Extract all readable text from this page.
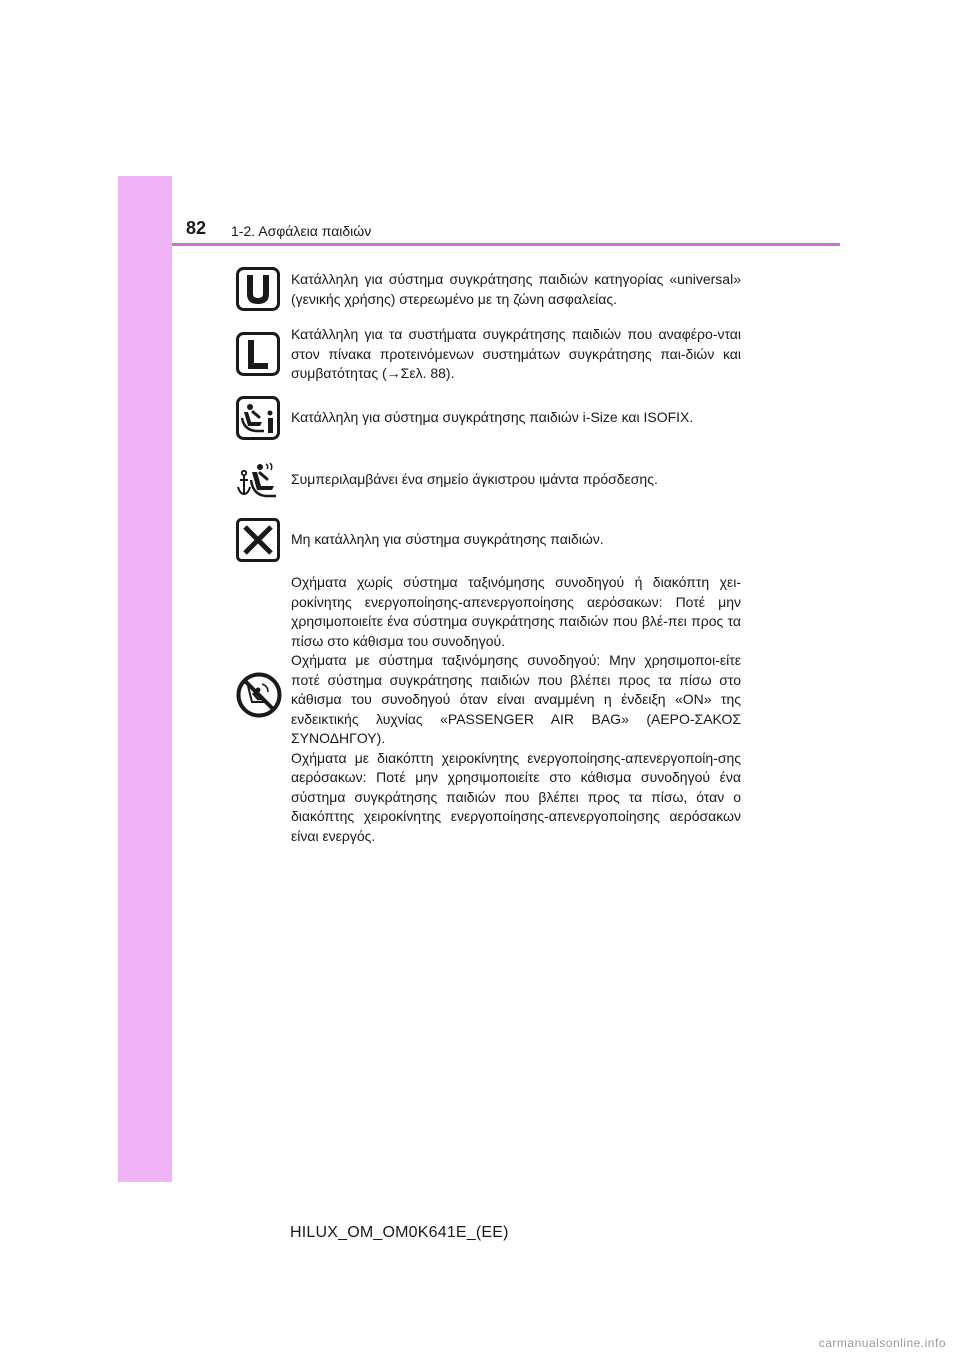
82 1-2. Ασφάλεια παιδιών
Κατάλληλη για σύστημα συγκράτησης παιδιών κατηγορίας «universal» (γενικής χρήσης) στερεωμένο με τη ζώνη ασφαλείας.
Κατάλληλη για τα συστήματα συγκράτησης παιδιών που αναφέρο-νται στον πίνακα προτεινόμενων συστημάτων συγκράτησης παι-διών και συμβατότητας (→Σελ. 88).
Κατάλληλη για σύστημα συγκράτησης παιδιών i-Size και ISOFIX.
Συμπεριλαμβάνει ένα σημείο άγκιστρου ιμάντα πρόσδεσης.
Μη κατάλληλη για σύστημα συγκράτησης παιδιών.
Οχήματα χωρίς σύστημα ταξινόμησης συνοδηγού ή διακόπτη χει-ροκίνητης ενεργοποίησης-απενεργοποίησης αερόσακων: Ποτέ μην χρησιμοποιείτε ένα σύστημα συγκράτησης παιδιών που βλέ-πει προς τα πίσω στο κάθισμα του συνοδηγού.
Οχήματα με σύστημα ταξινόμησης συνοδηγού: Μην χρησιμοποι-είτε ποτέ σύστημα συγκράτησης παιδιών που βλέπει προς τα πίσω στο κάθισμα του συνοδηγού όταν είναι αναμμένη η ένδειξη «ON» της ενδεικτικής λυχνίας «PASSENGER AIR BAG» (ΑΕΡΟ-ΣΑΚΟΣ ΣΥΝΟΔΗΓΟΥ).
Οχήματα με διακόπτη χειροκίνητης ενεργοποίησης-απενεργοποίη-σης αερόσακων: Ποτέ μην χρησιμοποιείτε στο κάθισμα συνοδηγού ένα σύστημα συγκράτησης παιδιών που βλέπει προς τα πίσω, όταν ο διακόπτης χειροκίνητης ενεργοποίησης-απενεργοποίησης αερόσακων είναι ενεργός.
HILUX_OM_OM0K641E_(EE)
carmanualsonline.info
